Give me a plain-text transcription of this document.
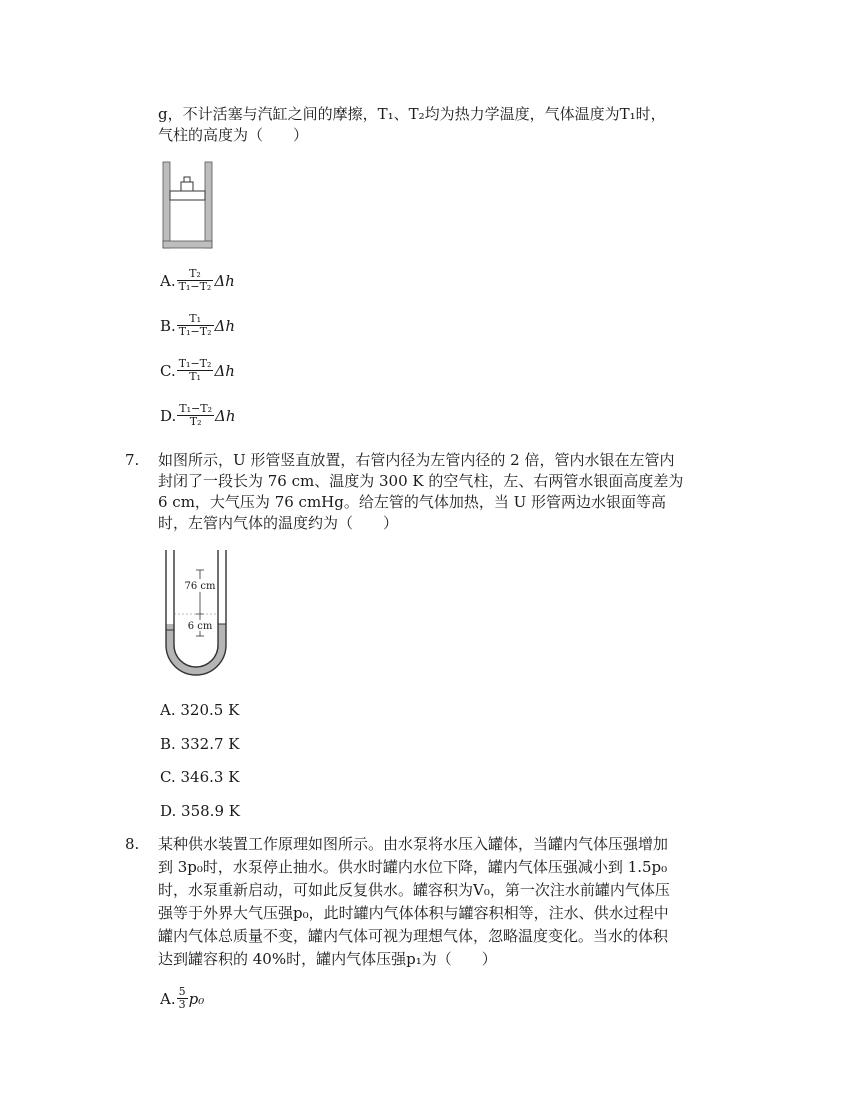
g，不计活塞与汽缸之间的摩擦，T₁、T₂均为热力学温度，气体温度为T₁时，
气柱的高度为（　　）
A. $\frac{\text{T₂}}{\text{T₁−T₂}}$ Δh
B. $\frac{\text{T₁}}{\text{T₁−T₂}}$ Δh
C. $\frac{\text{T₁−T₂}}{\text{T₁}}$ Δh
D. $\frac{\text{T₁−T₂}}{\text{T₂}}$ Δh
7. 如图所示，U 形管竖直放置，右管内径为左管内径的 2 倍，管内水银在左管内
封闭了一段长为 76 cm、温度为 300 K 的空气柱，左、右两管水银面高度差为
6 cm，大气压为 76 cmHg。给左管的气体加热，当 U 形管两边水银面等高
时，左管内气体的温度约为（　　）
76 cm
6 cm
A. 320.5 K
B. 332.7 K
C. 346.3 K
D. 358.9 K
8. 某种供水装置工作原理如图所示。由水泵将水压入罐体，当罐内气体压强增加
到 3p₀时，水泵停止抽水。供水时罐内水位下降，罐内气体压强减小到 1.5p₀
时，水泵重新启动，可如此反复供水。罐容积为V₀，第一次注水前罐内气体压
强等于外界大气压强p₀，此时罐内气体体积与罐容积相等，注水、供水过程中
罐内气体总质量不变，罐内气体可视为理想气体，忽略温度变化。当水的体积
达到罐容积的 40%时，罐内气体压强p₁为（　　）
A. $\frac{5}{3} p_0$
